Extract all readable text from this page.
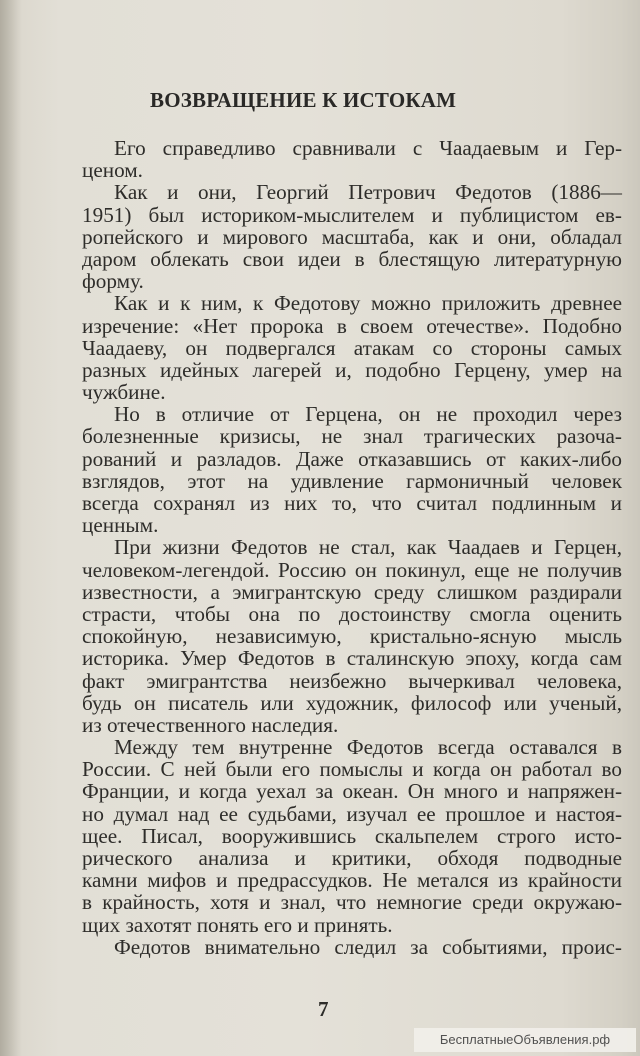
ВОЗВРАЩЕНИЕ К ИСТОКАМ
Его справедливо сравнивали с Чаадаевым и Гер-
ценом.
Как и они, Георгий Петрович Федотов (1886—
1951) был историком-мыслителем и публицистом ев-
ропейского и мирового масштаба, как и они, обладал
даром облекать свои идеи в блестящую литературную
форму.
Как и к ним, к Федотову можно приложить древнее
изречение: «Нет пророка в своем отечестве». Подобно
Чаадаеву, он подвергался атакам со стороны самых
разных идейных лагерей и, подобно Герцену, умер на
чужбине.
Но в отличие от Герцена, он не проходил через
болезненные кризисы, не знал трагических разоча-
рований и разладов. Даже отказавшись от каких-либо
взглядов, этот на удивление гармоничный человек
всегда сохранял из них то, что считал подлинным и
ценным.
При жизни Федотов не стал, как Чаадаев и Герцен,
человеком-легендой. Россию он покинул, еще не получив
известности, а эмигрантскую среду слишком раздирали
страсти, чтобы она по достоинству смогла оценить
спокойную, независимую, кристально-ясную мысль
историка. Умер Федотов в сталинскую эпоху, когда сам
факт эмигрантства неизбежно вычеркивал человека,
будь он писатель или художник, философ или ученый,
из отечественного наследия.
Между тем внутренне Федотов всегда оставался в
России. С ней были его помыслы и когда он работал во
Франции, и когда уехал за океан. Он много и напряжен-
но думал над ее судьбами, изучал ее прошлое и настоя-
щее. Писал, вооружившись скальпелем строго исто-
рического анализа и критики, обходя подводные
камни мифов и предрассудков. Не метался из крайности
в крайность, хотя и знал, что немногие среди окружаю-
щих захотят понять его и принять.
Федотов внимательно следил за событиями, проис-
7
БесплатныеОбъявления.рф
